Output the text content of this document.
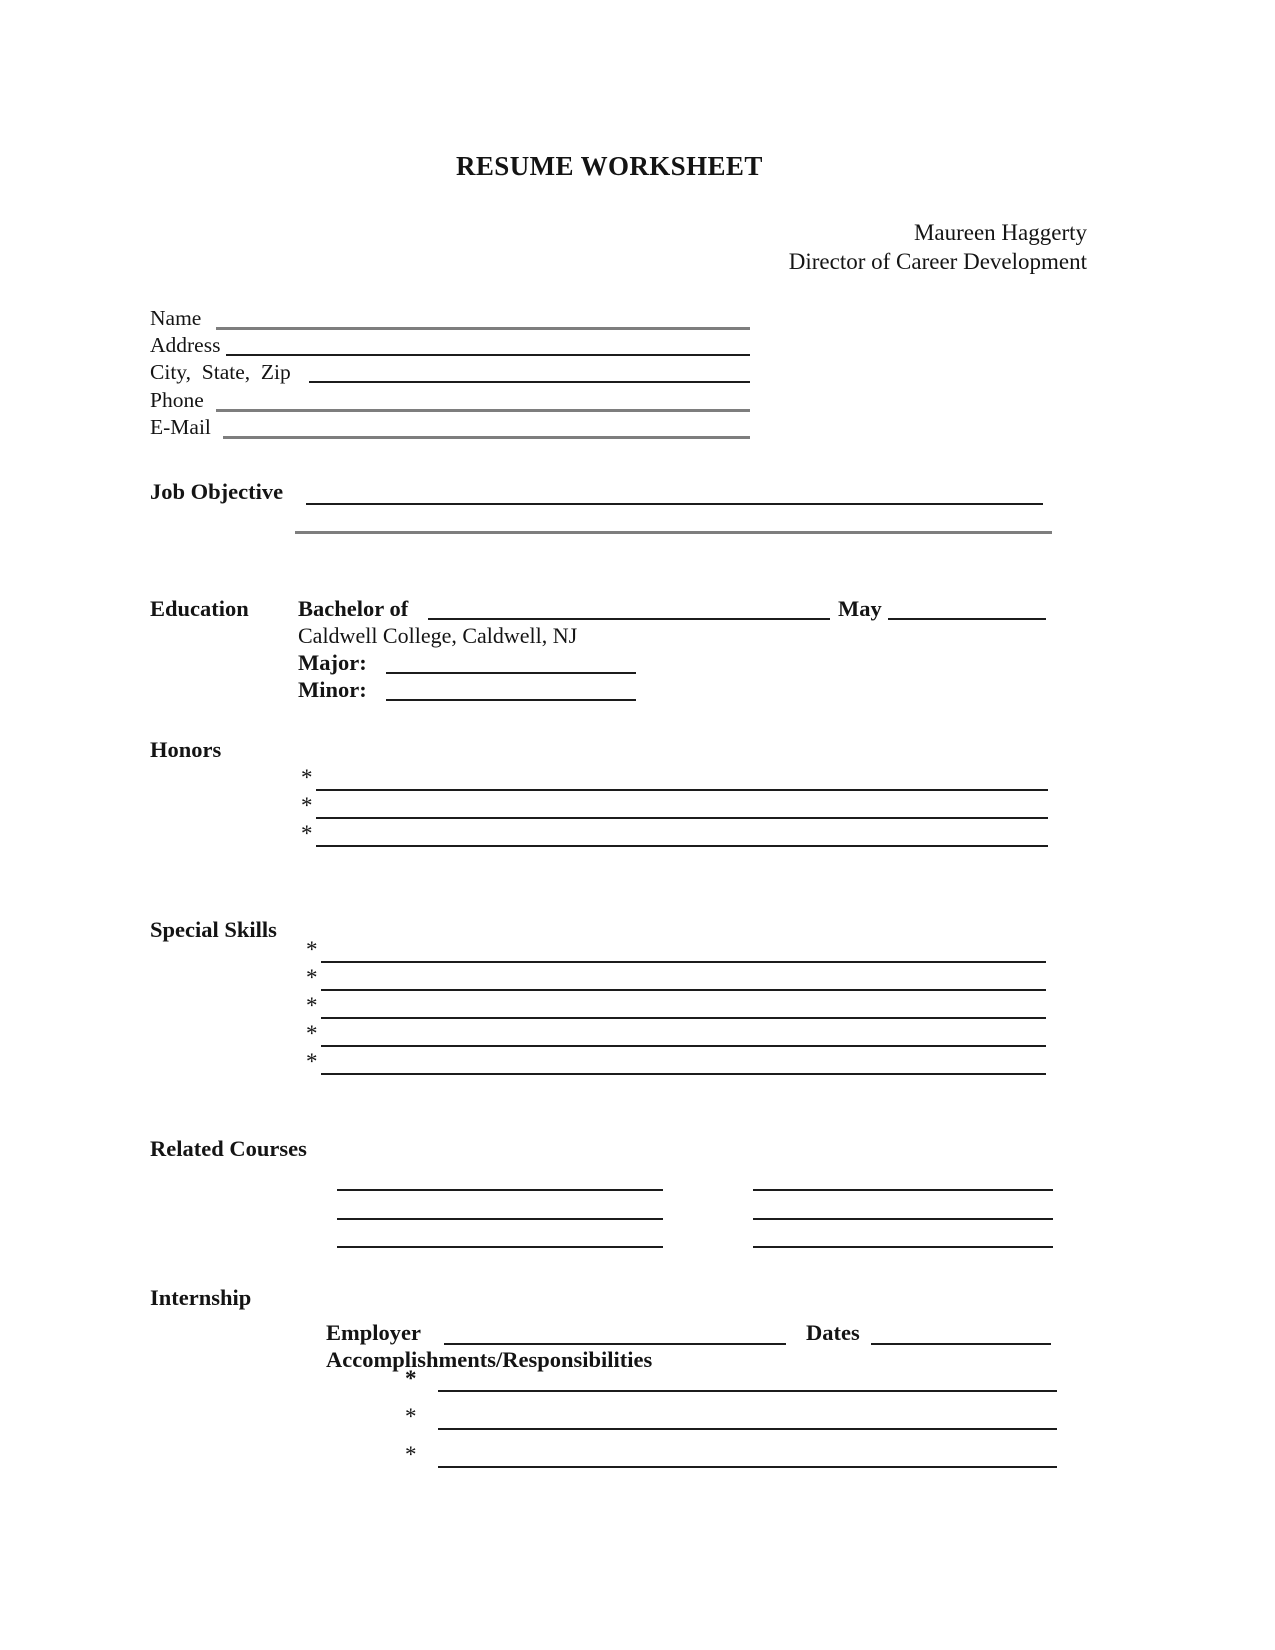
RESUME WORKSHEET
Maureen Haggerty
Director of Career Development
Name
Address
City,  State,  Zip
Phone
E-Mail
Job Objective
Education Bachelor of	May
Caldwell College, Caldwell, NJ
Major:
Minor:
Honors
*
*
*
Special Skills
*
*
*
*
*
Related Courses
Internship
Employer	Dates
Accomplishments/Responsibilities
*
*
*
